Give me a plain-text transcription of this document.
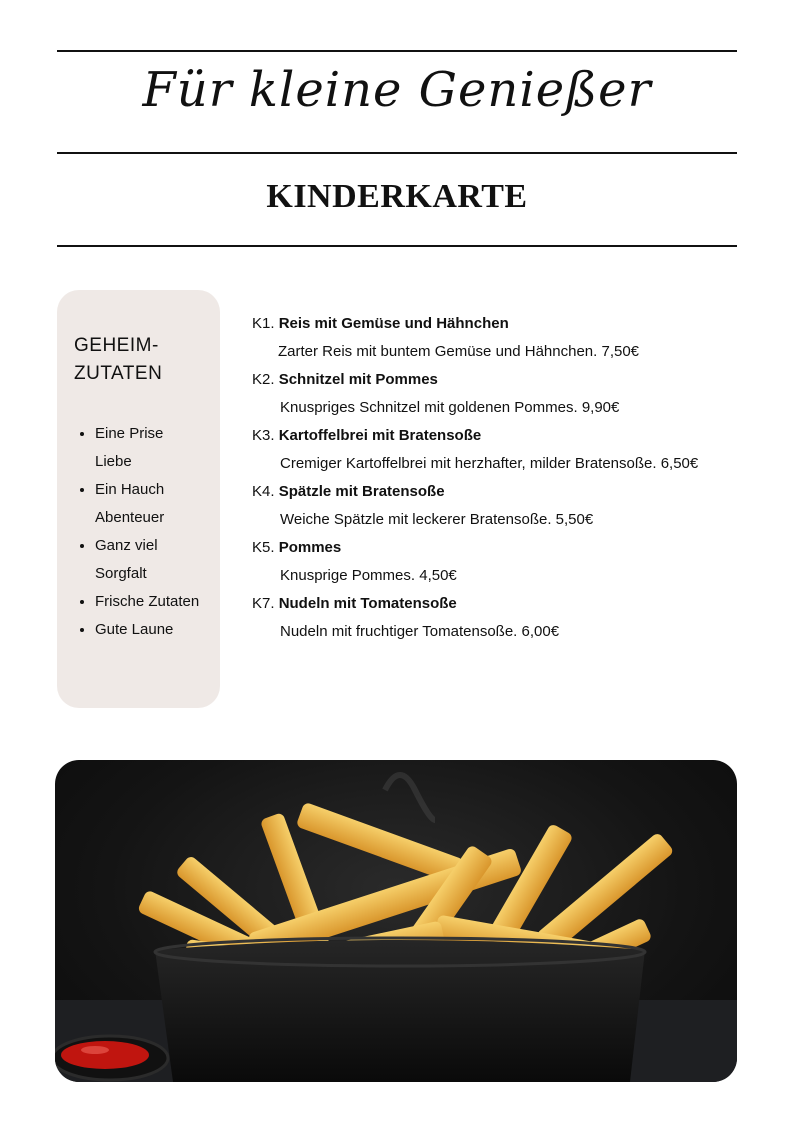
Für kleine Genießer
KINDERKARTE
GEHEIM-
ZUTATEN
• Eine Prise Liebe
• Ein Hauch Abenteuer
• Ganz viel Sorgfalt
• Frische Zutaten
• Gute Laune
K1. Reis mit Gemüse und Hähnchen
Zarter Reis mit buntem Gemüse und Hähnchen. 7,50€
K2. Schnitzel mit Pommes
Knuspriges Schnitzel mit goldenen Pommes. 9,90€
K3. Kartoffelbrei mit Bratensoße
Cremiger Kartoffelbrei mit herzhafter, milder Bratensoße. 6,50€
K4. Spätzle mit Bratensoße
Weiche Spätzle mit leckerer Bratensoße. 5,50€
K5. Pommes
Knusprige Pommes. 4,50€
K7. Nudeln mit Tomatensoße
Nudeln mit fruchtiger Tomatensoße. 6,00€
